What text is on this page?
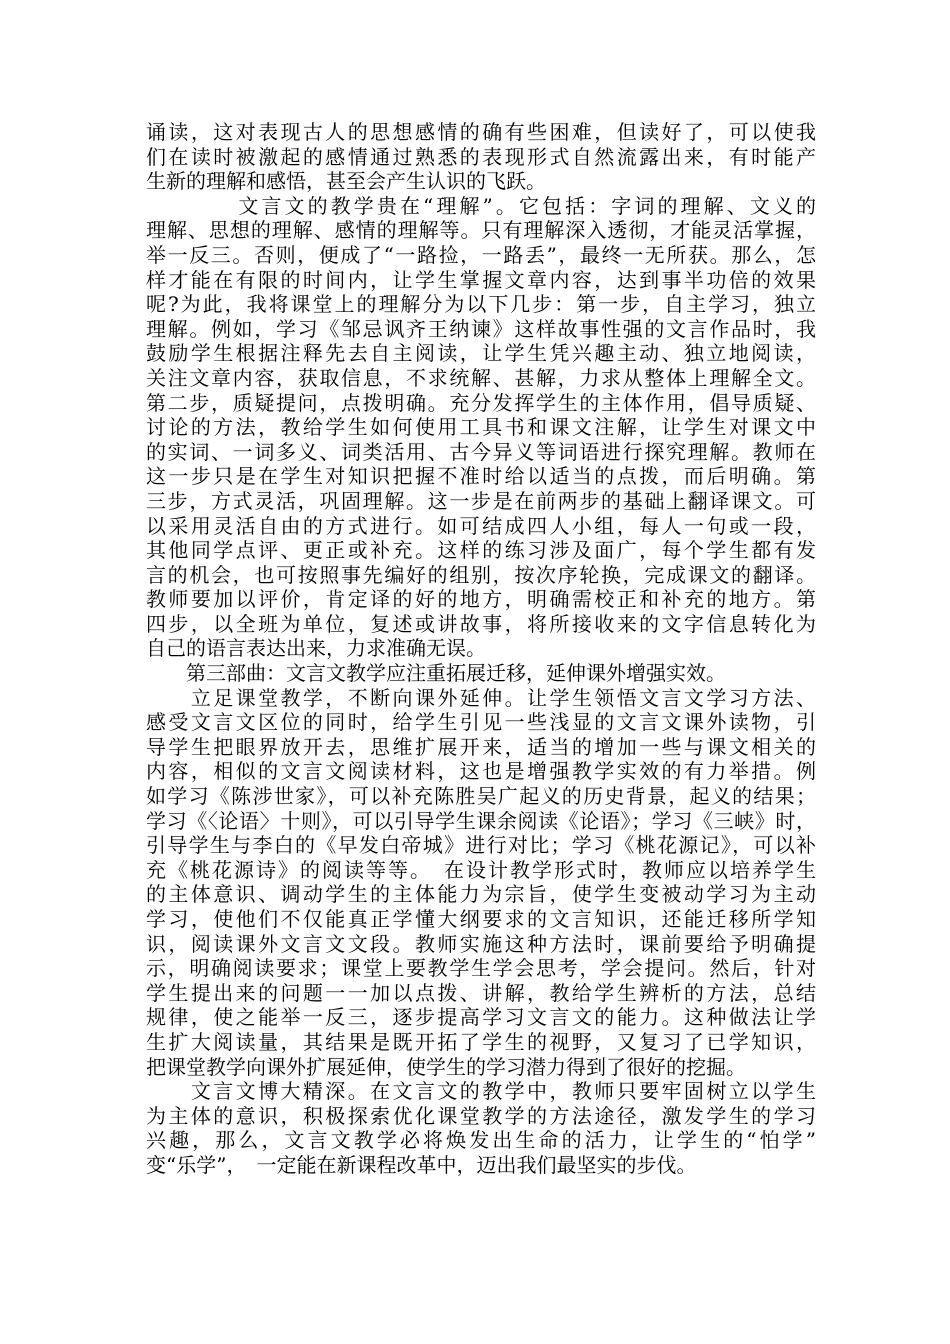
诵读，这对表现古人的思想感情的确有些困难，但读好了，可以使我
们在读时被激起的感情通过熟悉的表现形式自然流露出来，有时能产
生新的理解和感悟，甚至会产生认识的飞跃。
　　　　文言文的教学贵在“理解”。它包括：字词的理解、文义的
理解、思想的理解、感情的理解等。只有理解深入透彻，才能灵活掌握，
举一反三。否则，便成了“一路捡，一路丢”，最终一无所获。那么，怎
样才能在有限的时间内，让学生掌握文章内容，达到事半功倍的效果
呢?为此，我将课堂上的理解分为以下几步：第一步，自主学习，独立
理解。例如，学习《邹忌讽齐王纳谏》这样故事性强的文言作品时，我
鼓励学生根据注释先去自主阅读，让学生凭兴趣主动、独立地阅读，
关注文章内容，获取信息，不求统解、甚解，力求从整体上理解全文。
第二步，质疑提问，点拨明确。充分发挥学生的主体作用，倡导质疑、
讨论的方法，教给学生如何使用工具书和课文注解，让学生对课文中
的实词、一词多义、词类活用、古今异义等词语进行探究理解。教师在
这一步只是在学生对知识把握不准时给以适当的点拨，而后明确。第
三步，方式灵活，巩固理解。这一步是在前两步的基础上翻译课文。可
以采用灵活自由的方式进行。如可结成四人小组，每人一句或一段，
其他同学点评、更正或补充。这样的练习涉及面广，每个学生都有发
言的机会，也可按照事先编好的组别，按次序轮换，完成课文的翻译。
教师要加以评价，肯定译的好的地方，明确需校正和补充的地方。第
四步，以全班为单位，复述或讲故事，将所接收来的文字信息转化为
自己的语言表达出来，力求准确无误。
　　第三部曲：文言文教学应注重拓展迁移，延伸课外增强实效。
　　立足课堂教学，不断向课外延伸。让学生领悟文言文学习方法、
感受文言文区位的同时，给学生引见一些浅显的文言文课外读物，引
导学生把眼界放开去，思维扩展开来，适当的增加一些与课文相关的
内容，相似的文言文阅读材料，这也是增强教学实效的有力举措。例
如学习《陈涉世家》，可以补充陈胜吴广起义的历史背景，起义的结果；
学习《〈论语〉十则》，可以引导学生课余阅读《论语》；学习《三峡》时，
引导学生与李白的《早发白帝城》进行对比；学习《桃花源记》，可以补
充《桃花源诗》的阅读等等。　在设计教学形式时，教师应以培养学生
的主体意识、调动学生的主体能力为宗旨，使学生变被动学习为主动
学习，使他们不仅能真正学懂大纲要求的文言知识，还能迁移所学知
识，阅读课外文言文文段。教师实施这种方法时，课前要给予明确提
示，明确阅读要求；课堂上要教学生学会思考，学会提问。然后，针对
学生提出来的问题一一加以点拨、讲解，教给学生辨析的方法，总结
规律，使之能举一反三，逐步提高学习文言文的能力。这种做法让学
生扩大阅读量，其结果是既开拓了学生的视野，又复习了已学知识，
把课堂教学向课外扩展延伸，使学生的学习潜力得到了很好的挖掘。
　　文言文博大精深。在文言文的教学中，教师只要牢固树立以学生
为主体的意识，积极探索优化课堂教学的方法途径，激发学生的学习
兴趣，那么，文言文教学必将焕发出生命的活力，让学生的“怕学”
变“乐学”，　一定能在新课程改革中，迈出我们最坚实的步伐。
